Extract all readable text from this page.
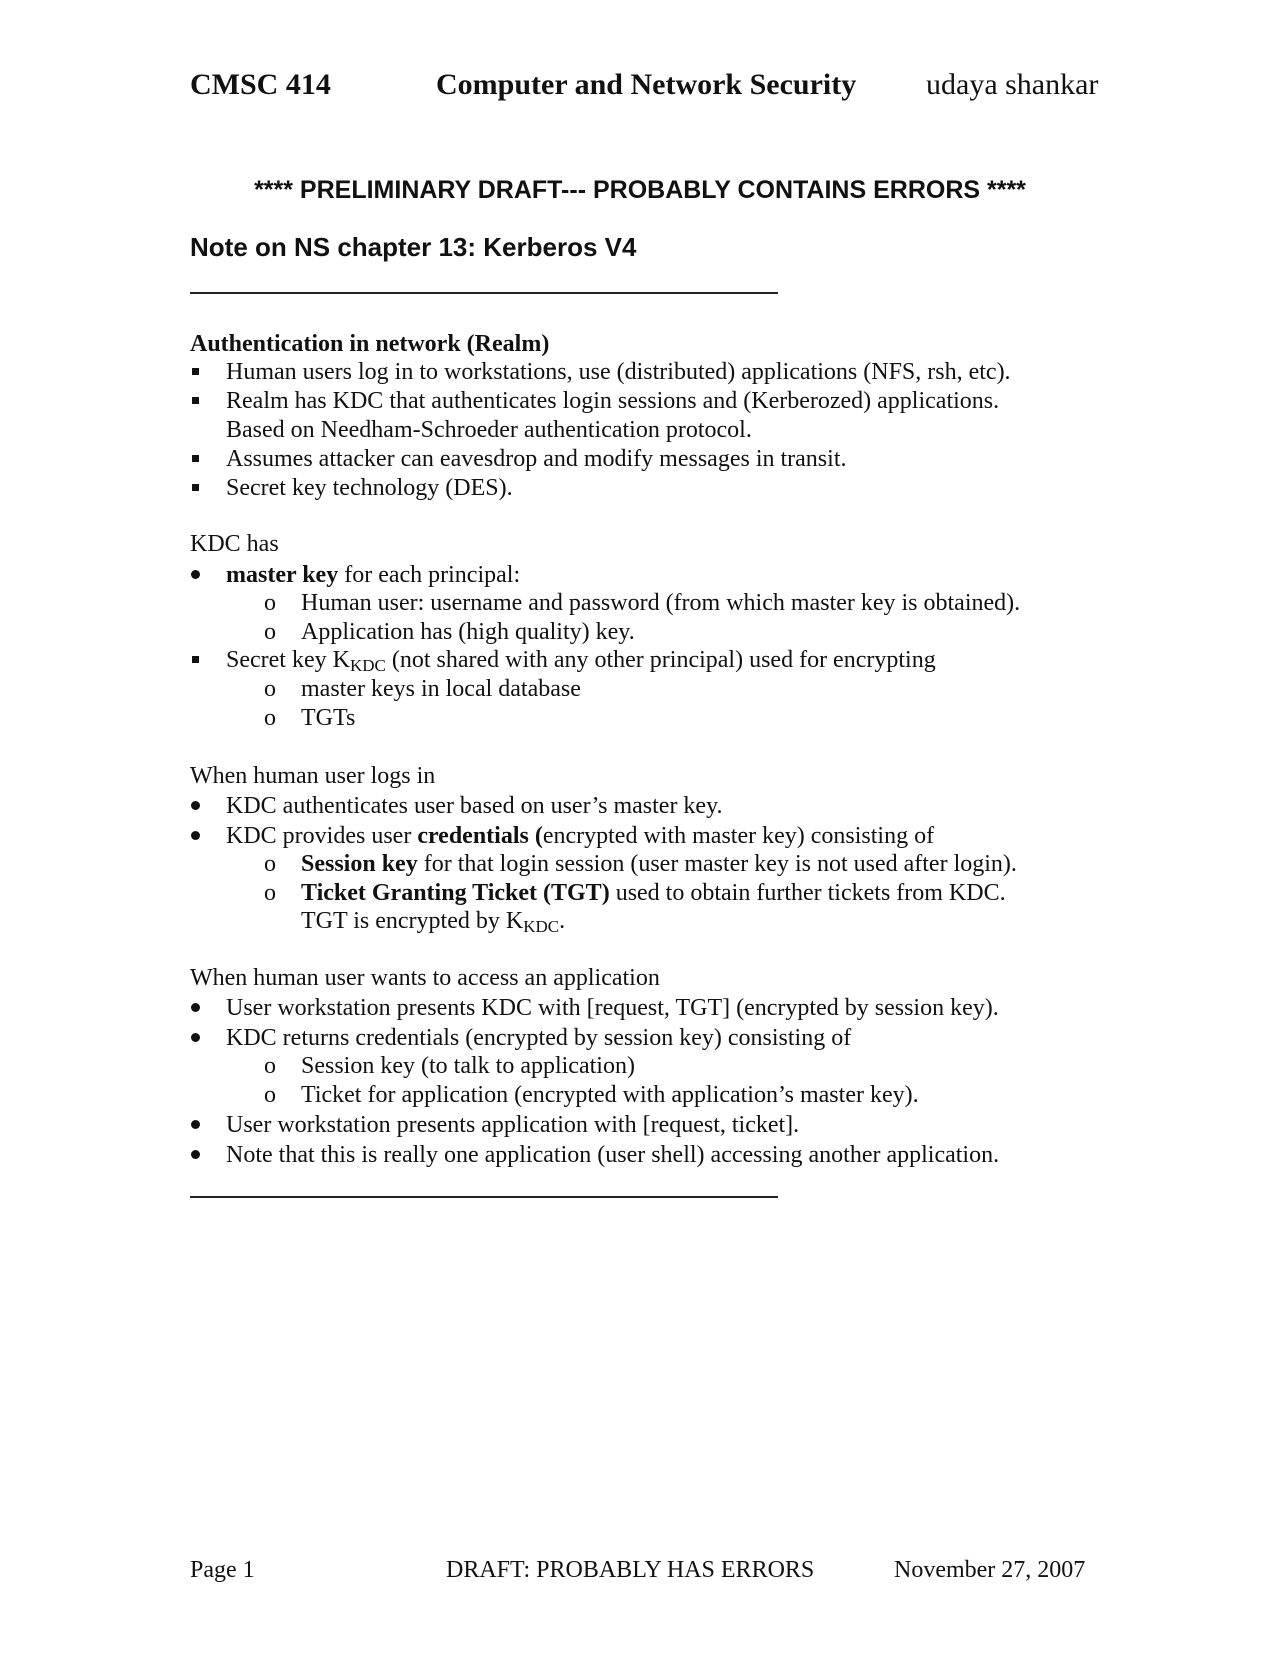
CMSC 414	Computer and Network Security udaya shankar
**** PRELIMINARY DRAFT--- PROBABLY CONTAINS ERRORS ****
Note on NS chapter 13: Kerberos V4
Authentication in network (Realm)
Human users log in to workstations, use (distributed) applications (NFS, rsh, etc).
Realm has KDC that authenticates login sessions and (Kerberozed) applications.
Based on Needham-Schroeder authentication protocol.
Assumes attacker can eavesdrop and modify messages in transit.
Secret key technology (DES).
KDC has
master key for each principal:
o Human user: username and password (from which master key is obtained).
o Application has (high quality) key.
Secret key $K_{KDC}$ (not shared with any other principal) used for encrypting
o master keys in local database
o TGTs
When human user logs in
KDC authenticates user based on user’s master key.
KDC provides user credentials (encrypted with master key) consisting of
o Session key for that login session (user master key is not used after login).
o Ticket Granting Ticket (TGT) used to obtain further tickets from KDC.
TGT is encrypted by $K_{KDC}$.
When human user wants to access an application
User workstation presents KDC with [request, TGT] (encrypted by session key).
KDC returns credentials (encrypted by session key) consisting of
o Session key (to talk to application)
o Ticket for application (encrypted with application’s master key).
User workstation presents application with [request, ticket].
Note that this is really one application (user shell) accessing another application.
Page 1	DRAFT: PROBABLY HAS ERRORS	November 27, 2007
